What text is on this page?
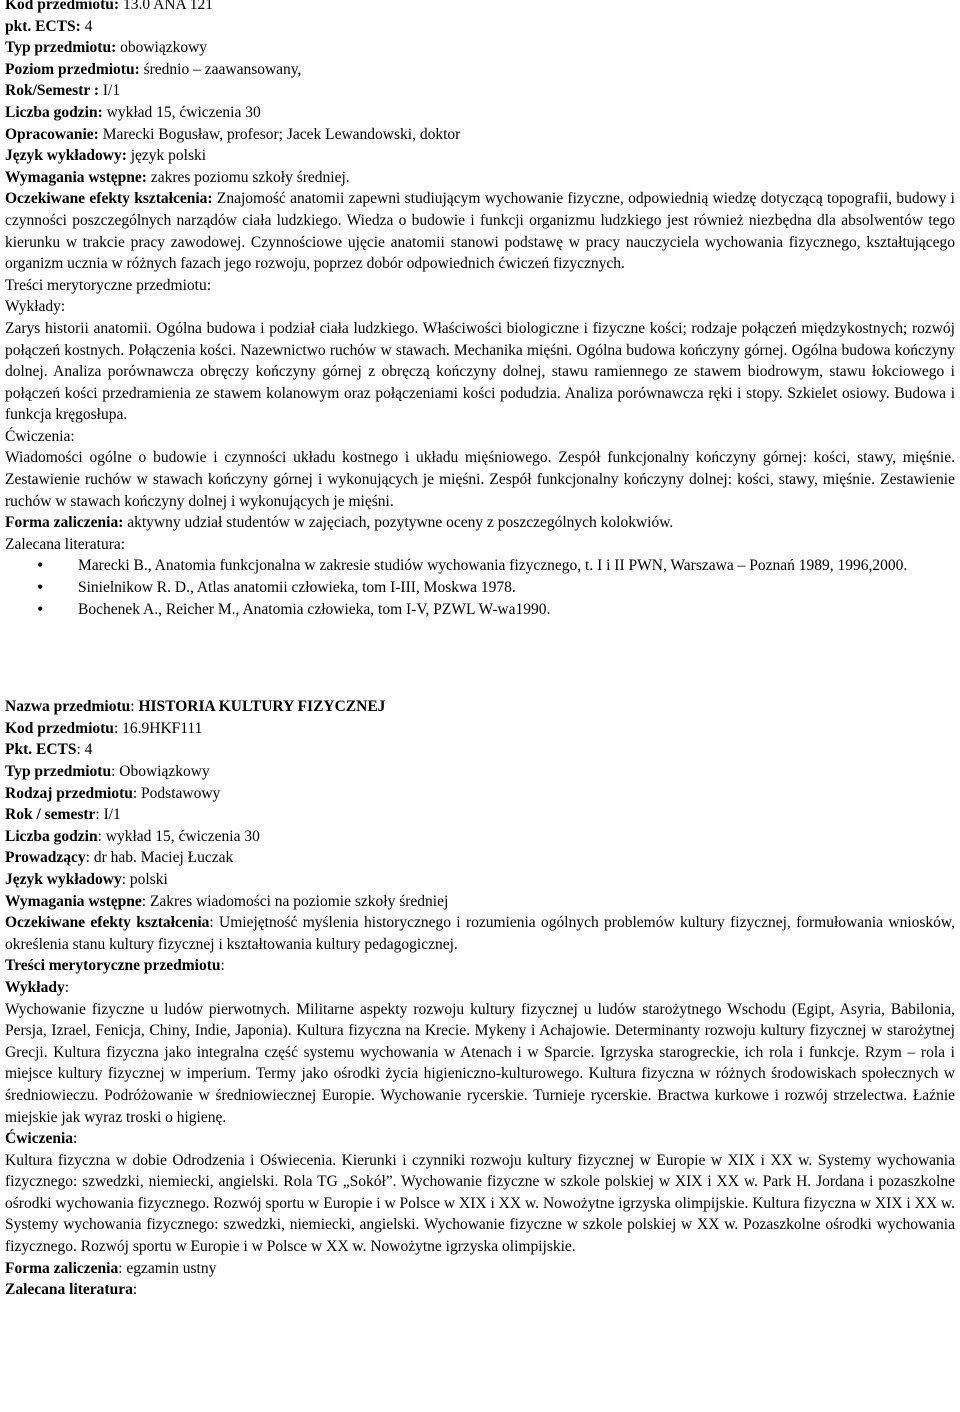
Kod przedmiotu: 13.0 ANA 121
pkt. ECTS: 4
Typ przedmiotu: obowiązkowy
Poziom przedmiotu: średnio – zaawansowany,
Rok/Semestr : I/1
Liczba godzin: wykład 15, ćwiczenia 30
Opracowanie: Marecki Bogusław, profesor; Jacek Lewandowski, doktor
Język wykładowy: język polski
Wymagania wstępne: zakres poziomu szkoły średniej.
Oczekiwane efekty kształcenia: Znajomość anatomii zapewni studiującym wychowanie fizyczne, odpowiednią wiedzę dotyczącą topografii, budowy i czynności poszczególnych narządów ciała ludzkiego. Wiedza o budowie i funkcji organizmu ludzkiego jest również niezbędna dla absolwentów tego kierunku w trakcie pracy zawodowej. Czynnościowe ujęcie anatomii stanowi podstawę w pracy nauczyciela wychowania fizycznego, kształtującego organizm ucznia w różnych fazach jego rozwoju, poprzez dobór odpowiednich ćwiczeń fizycznych.
Treści merytoryczne przedmiotu:
Wykłady:
Zarys historii anatomii. Ogólna budowa i podział ciała ludzkiego. Właściwości biologiczne i fizyczne kości; rodzaje połączeń międzykostnych; rozwój połączeń kostnych. Połączenia kości. Nazewnictwo ruchów w stawach. Mechanika mięśni. Ogólna budowa kończyny górnej. Ogólna budowa kończyny dolnej. Analiza porównawcza obręczy kończyny górnej z obręczą kończyny dolnej, stawu ramiennego ze stawem biodrowym, stawu łokciowego i połączeń kości przedramienia ze stawem kolanowym oraz połączeniami kości podudzia. Analiza porównawcza ręki i stopy. Szkielet osiowy. Budowa i funkcja kręgosłupa.
Ćwiczenia:
Wiadomości ogólne o budowie i czynności układu kostnego i układu mięśniowego. Zespół funkcjonalny kończyny górnej: kości, stawy, mięśnie. Zestawienie ruchów w stawach kończyny górnej i wykonujących je mięśni. Zespół funkcjonalny kończyny dolnej: kości, stawy, mięśnie. Zestawienie ruchów w stawach kończyny dolnej i wykonujących je mięśni.
Forma zaliczenia: aktywny udział studentów w zajęciach, pozytywne oceny z poszczególnych kolokwiów.
Zalecana literatura:
• Marecki B., Anatomia funkcjonalna w zakresie studiów wychowania fizycznego, t. I i II PWN, Warszawa – Poznań 1989, 1996,2000.
• Sinielnikow R. D., Atlas anatomii człowieka, tom I-III, Moskwa 1978.
• Bochenek A., Reicher M., Anatomia człowieka, tom I-V, PZWL W-wa1990.
Nazwa przedmiotu: HISTORIA KULTURY FIZYCZNEJ
Kod przedmiotu: 16.9HKF111
Pkt. ECTS: 4
Typ przedmiotu: Obowiązkowy
Rodzaj przedmiotu: Podstawowy
Rok / semestr: I/1
Liczba godzin: wykład 15, ćwiczenia 30
Prowadzący: dr hab. Maciej Łuczak
Język wykładowy: polski
Wymagania wstępne: Zakres wiadomości na poziomie szkoły średniej
Oczekiwane efekty kształcenia: Umiejętność myślenia historycznego i rozumienia ogólnych problemów kultury fizycznej, formułowania wniosków, określenia stanu kultury fizycznej i kształtowania kultury pedagogicznej.
Treści merytoryczne przedmiotu:
Wykłady:
Wychowanie fizyczne u ludów pierwotnych. Militarne aspekty rozwoju kultury fizycznej u ludów starożytnego Wschodu (Egipt, Asyria, Babilonia, Persja, Izrael, Fenicja, Chiny, Indie, Japonia). Kultura fizyczna na Krecie. Mykeny i Achajowie. Determinanty rozwoju kultury fizycznej w starożytnej Grecji. Kultura fizyczna jako integralna część systemu wychowania w Atenach i w Sparcie. Igrzyska starogreckie, ich rola i funkcje. Rzym – rola i miejsce kultury fizycznej w imperium. Termy jako ośrodki życia higieniczno-kulturowego. Kultura fizyczna w różnych środowiskach społecznych w średniowieczu. Podróżowanie w średniowiecznej Europie. Wychowanie rycerskie. Turnieje rycerskie. Bractwa kurkowe i rozwój strzelectwa. Łaźnie miejskie jak wyraz troski o higienę.
Ćwiczenia:
Kultura fizyczna w dobie Odrodzenia i Oświecenia. Kierunki i czynniki rozwoju kultury fizycznej w Europie w XIX i XX w. Systemy wychowania fizycznego: szwedzki, niemiecki, angielski. Rola TG „Sokół”. Wychowanie fizyczne w szkole polskiej w XIX i XX w. Park H. Jordana i pozaszkolne ośrodki wychowania fizycznego. Rozwój sportu w Europie i w Polsce w XIX i XX w. Nowożytne igrzyska olimpijskie. Kultura fizyczna w XIX i XX w. Systemy wychowania fizycznego: szwedzki, niemiecki, angielski. Wychowanie fizyczne w szkole polskiej w XX w. Pozaszkolne ośrodki wychowania fizycznego. Rozwój sportu w Europie i w Polsce w XX w. Nowożytne igrzyska olimpijskie.
Forma zaliczenia: egzamin ustny
Zalecana literatura:
